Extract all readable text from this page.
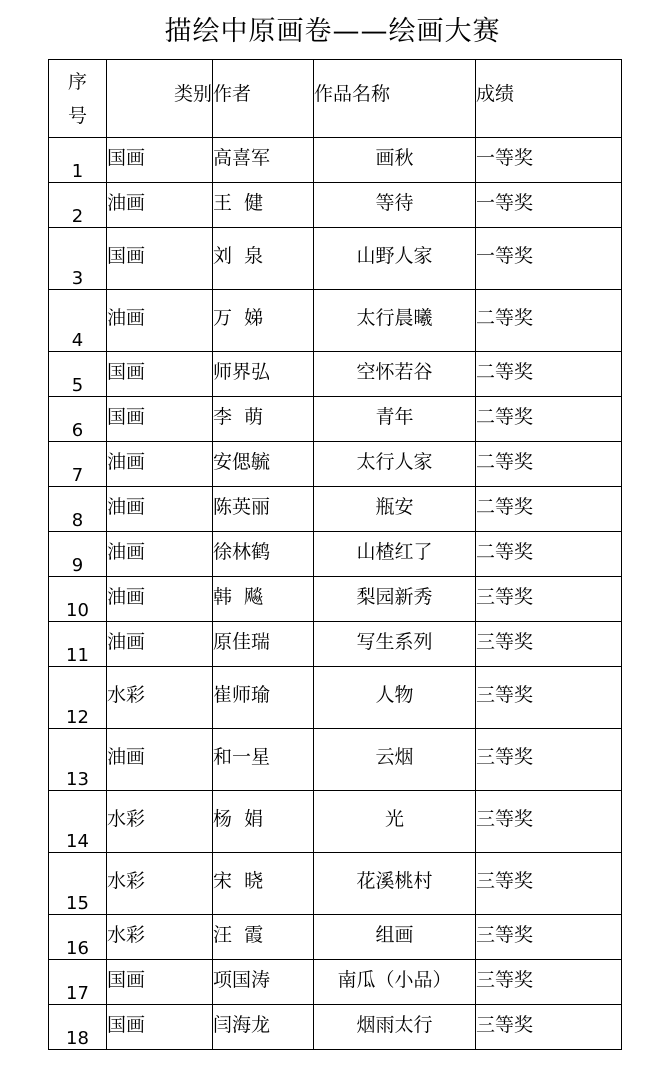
描绘中原画卷——绘画大赛
序
号	类别	作者	作品名称	成绩
1	国画	高喜军	画秋	一等奖

2	油画	王  健	等待	一等奖

3	国画	刘  泉	山野人家	一等奖

4	油画	万  娣	太行晨曦	二等奖

5	国画	师界弘	空怀若谷	二等奖

6	国画	李  萌	青年	二等奖

7	油画	安偲毓	太行人家	二等奖

8	油画	陈英丽	瓶安	二等奖

9	油画	徐林鹤	山楂红了	二等奖

10	油画	韩  飚	梨园新秀	三等奖

11	油画	原佳瑞	写生系列	三等奖

12	水彩	崔师瑜	人物	三等奖

13	油画	和一星	云烟	三等奖

14	水彩	杨  娟	光	三等奖

15	水彩	宋  晓	花溪桃村	三等奖

16	水彩	汪  霞	组画	三等奖

17	国画	项国涛	南瓜（小品）	三等奖

18	国画	闫海龙	烟雨太行	三等奖
